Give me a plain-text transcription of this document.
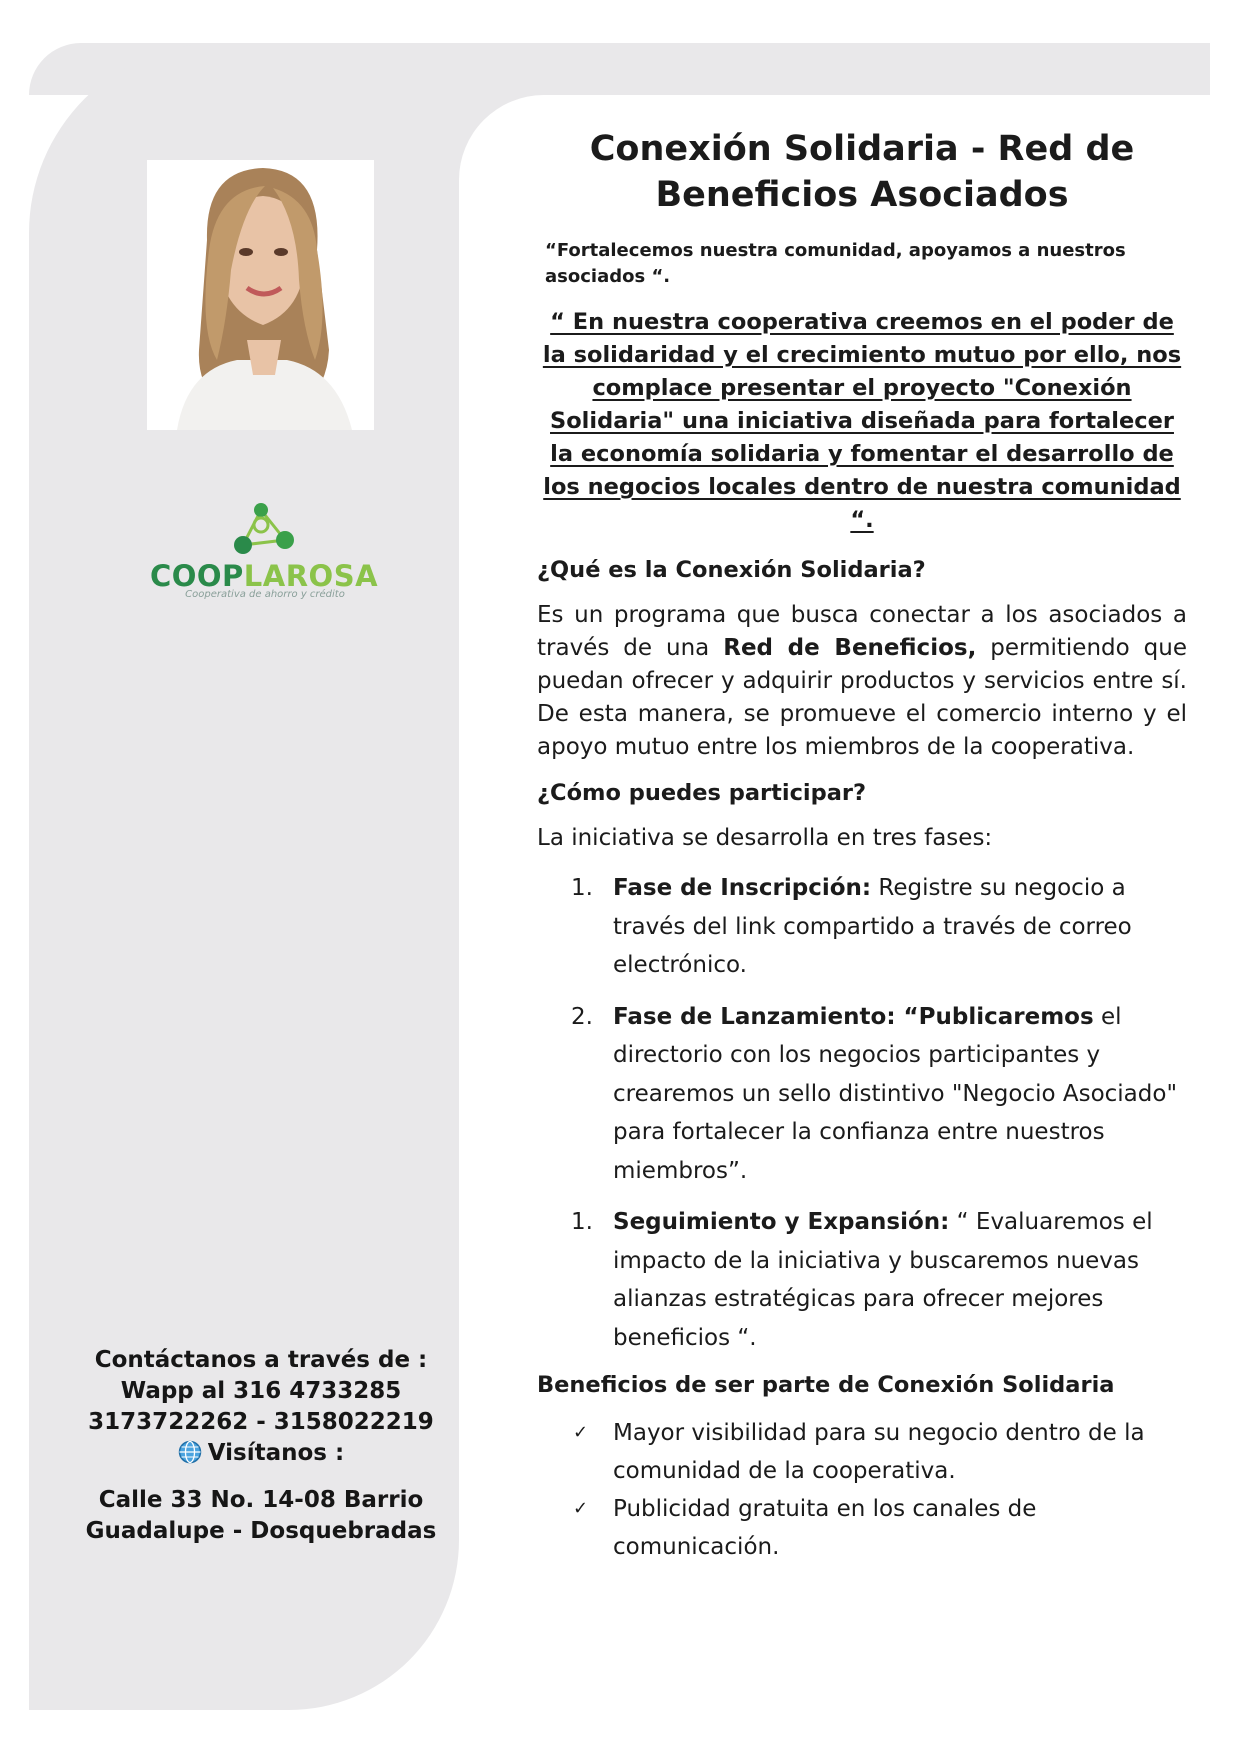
COOPLAROSA
Cooperativa de ahorro y crédito

Contáctanos a través de :

Wapp al 316 4733285

3173722262 - 3158022219

Visítanos :

Calle 33 No. 14-08 Barrio

Guadalupe - Dosquebradas

Conexión Solidaria - Red de Beneficios Asociados
“Fortalecemos nuestra comunidad, apoyamos a nuestros asociados “.
“ En nuestra cooperativa creemos en el poder de la solidaridad y el crecimiento mutuo por ello, nos complace presentar el proyecto "Conexión Solidaria" una iniciativa diseñada para fortalecer la economía solidaria y fomentar el desarrollo de los negocios locales dentro de nuestra comunidad “.
¿Qué es la Conexión Solidaria?
Es un programa que busca conectar a los asociados a través de una Red de Beneficios, permitiendo que puedan ofrecer y adquirir productos y servicios entre sí. De esta manera, se promueve el comercio interno y el apoyo mutuo entre los miembros de la cooperativa.
¿Cómo puedes participar?
La iniciativa se desarrolla en tres fases:
1. Fase de Inscripción: Registre su negocio a través del link compartido a través de correo electrónico.
2. Fase de Lanzamiento: “Publicaremos el directorio con los negocios participantes y crearemos un sello distintivo "Negocio Asociado" para fortalecer la confianza entre nuestros miembros”.
1. Seguimiento y Expansión: “ Evaluaremos el impacto de la iniciativa y buscaremos nuevas alianzas estratégicas para ofrecer mejores beneficios “.
Beneficios de ser parte de Conexión Solidaria
✓ Mayor visibilidad para su negocio dentro de la comunidad de la cooperativa.
✓ Publicidad gratuita en los canales de comunicación.
